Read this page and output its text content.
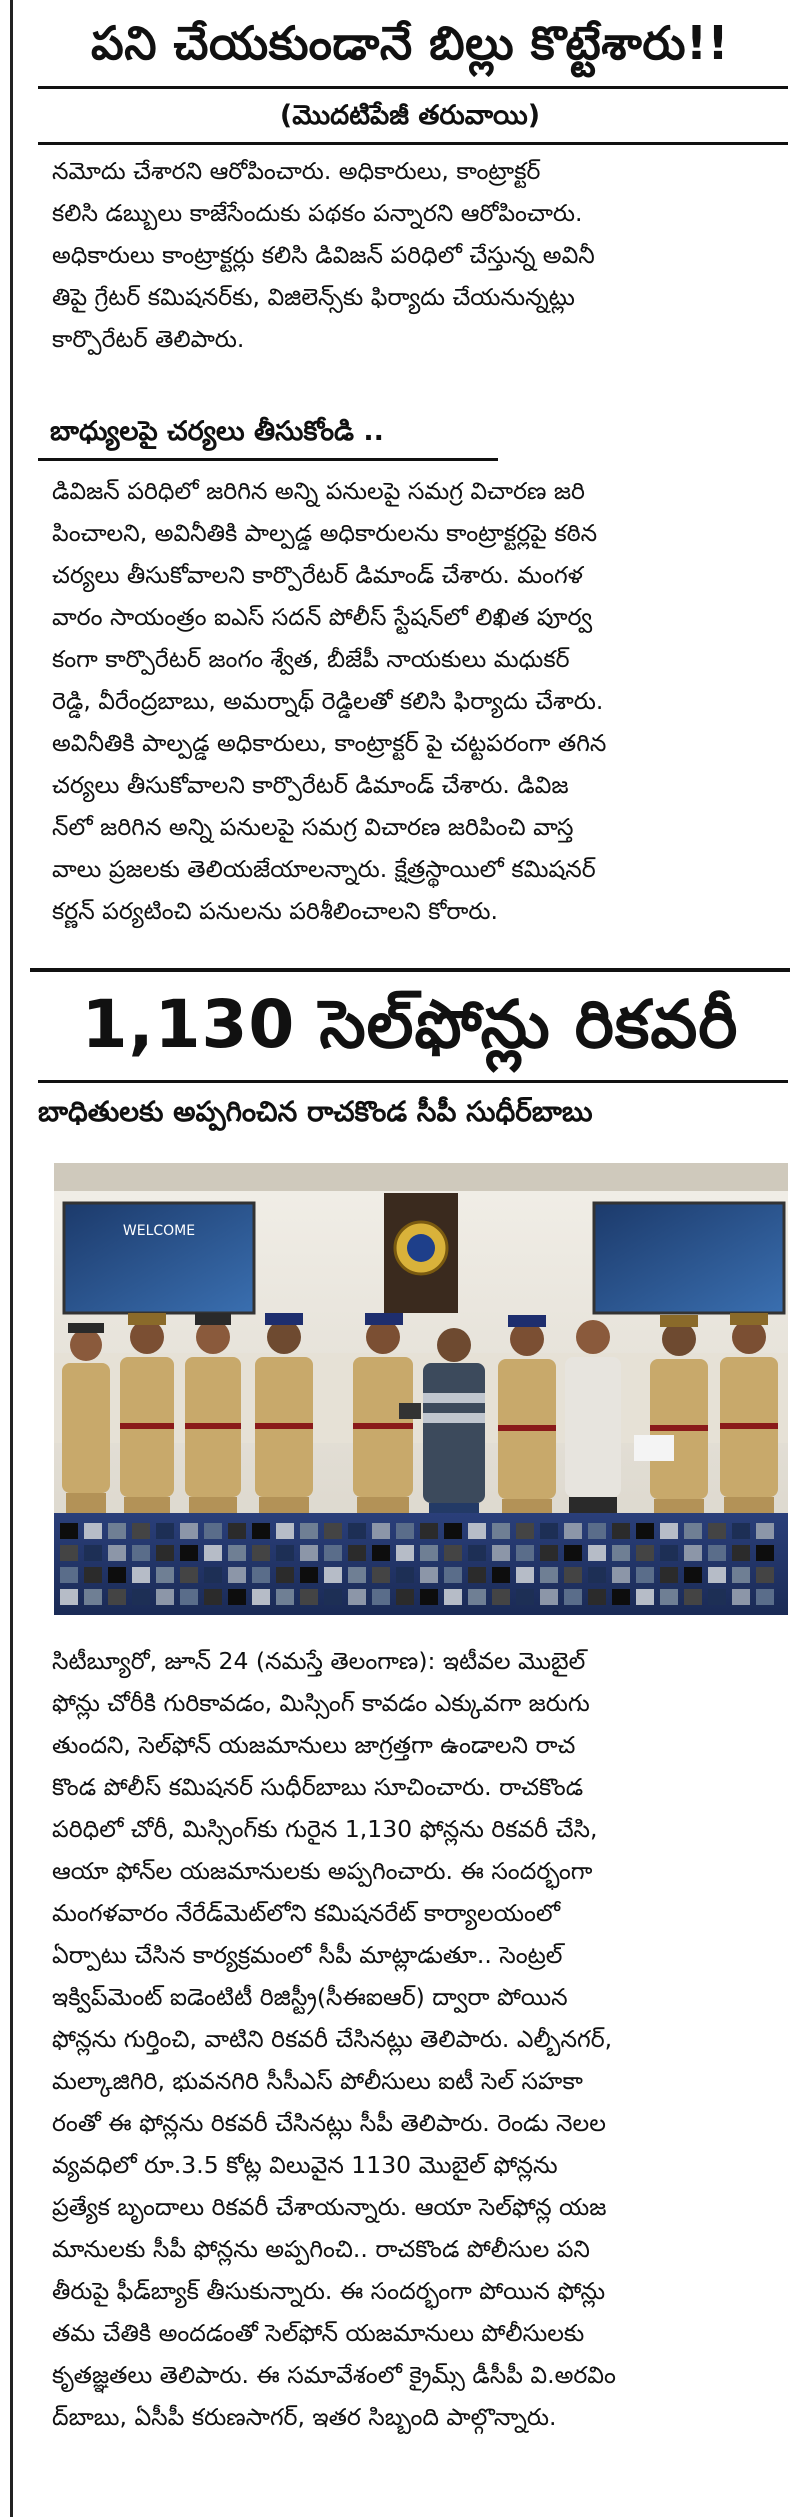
పని చేయకుండానే బిల్లు కొట్టేశారు!!
(మొదటిపేజీ తరువాయి)
నమోదు చేశారని ఆరోపించారు. అధికారులు, కాంట్రాక్టర్
కలిసి డబ్బులు కాజేసేందుకు పథకం పన్నారని ఆరోపించారు.
అధికారులు కాంట్రాక్టర్లు కలిసి డివిజన్ పరిధిలో చేస్తున్న అవినీ
తిపై గ్రేటర్ కమిషనర్‌కు, విజిలెన్స్‌కు ఫిర్యాదు చేయనున్నట్లు
కార్పొరేటర్ తెలిపారు.
బాధ్యులపై చర్యలు తీసుకోండి ..
డివిజన్ పరిధిలో జరిగిన అన్ని పనులపై సమగ్ర విచారణ జరి
పించాలని, అవినీతికి పాల్పడ్డ అధికారులను కాంట్రాక్టర్లపై కఠిన
చర్యలు తీసుకోవాలని కార్పొరేటర్ డిమాండ్ చేశారు. మంగళ
వారం సాయంత్రం ఐఎస్ సదన్ పోలీస్ స్టేషన్‌లో లిఖిత పూర్వ
కంగా కార్పొరేటర్ జంగం శ్వేత, బీజేపీ నాయకులు మధుకర్
రెడ్డి, వీరేంద్రబాబు, అమర్నాథ్ రెడ్డిలతో కలిసి ఫిర్యాదు చేశారు.
అవినీతికి పాల్పడ్డ అధికారులు, కాంట్రాక్టర్ పై చట్టపరంగా తగిన
చర్యలు తీసుకోవాలని కార్పొరేటర్ డిమాండ్ చేశారు. డివిజ
న్‌లో జరిగిన అన్ని పనులపై సమగ్ర విచారణ జరిపించి వాస్త
వాలు ప్రజలకు తెలియజేయాలన్నారు. క్షేత్రస్థాయిలో కమిషనర్
కర్ణన్ పర్యటించి పనులను పరిశీలించాలని కోరారు.
1,130 సెల్‌ఫోన్లు రికవరీ
బాధితులకు అప్పగించిన రాచకొండ సీపీ సుధీర్‌బాబు
WELCOME
సిటీబ్యూరో, జూన్ 24 (నమస్తే తెలంగాణ): ఇటీవల మొబైల్
ఫోన్లు చోరీకి గురికావడం, మిస్సింగ్ కావడం ఎక్కువగా జరుగు
తుందని, సెల్‌ఫోన్ యజమానులు జాగ్రత్తగా ఉండాలని రాచ
కొండ పోలీస్ కమిషనర్ సుధీర్‌బాబు సూచించారు. రాచకొండ
పరిధిలో చోరీ, మిస్సింగ్‌కు గురైన 1,130 ఫోన్లను రికవరీ చేసి,
ఆయా ఫోన్‌ల యజమానులకు అప్పగించారు. ఈ సందర్భంగా
మంగళవారం నేరేడ్‌మెట్‌లోని కమిషనరేట్ కార్యాలయంలో
ఏర్పాటు చేసిన కార్యక్రమంలో సీపీ మాట్లాడుతూ.. సెంట్రల్
ఇక్విప్‌మెంట్ ఐడెంటిటీ రిజిస్ట్రీ(సీఈఐఆర్) ద్వారా పోయిన
ఫోన్లను గుర్తించి, వాటిని రికవరీ చేసినట్లు తెలిపారు. ఎల్బీనగర్,
మల్కాజిగిరి, భువనగిరి సీసీఎస్ పోలీసులు ఐటీ సెల్ సహకా
రంతో ఈ ఫోన్లను రికవరీ చేసినట్లు సీపీ తెలిపారు. రెండు నెలల
వ్యవధిలో రూ.3.5 కోట్ల విలువైన 1130 మొబైల్ ఫోన్లను
ప్రత్యేక బృందాలు రికవరీ చేశాయన్నారు. ఆయా సెల్‌ఫోన్ల యజ
మానులకు సీపీ ఫోన్లను అప్పగించి.. రాచకొండ పోలీసుల పని
తీరుపై ఫీడ్‌బ్యాక్ తీసుకున్నారు. ఈ సందర్భంగా పోయిన ఫోన్లు
తమ చేతికి అందడంతో సెల్‌ఫోన్ యజమానులు పోలీసులకు
కృతజ్ఞతలు తెలిపారు. ఈ సమావేశంలో క్రైమ్స్ డీసీపీ వి.అరవిం
ద్‌బాబు, ఏసీపీ కరుణసాగర్, ఇతర సిబ్బంది పాల్గొన్నారు.
